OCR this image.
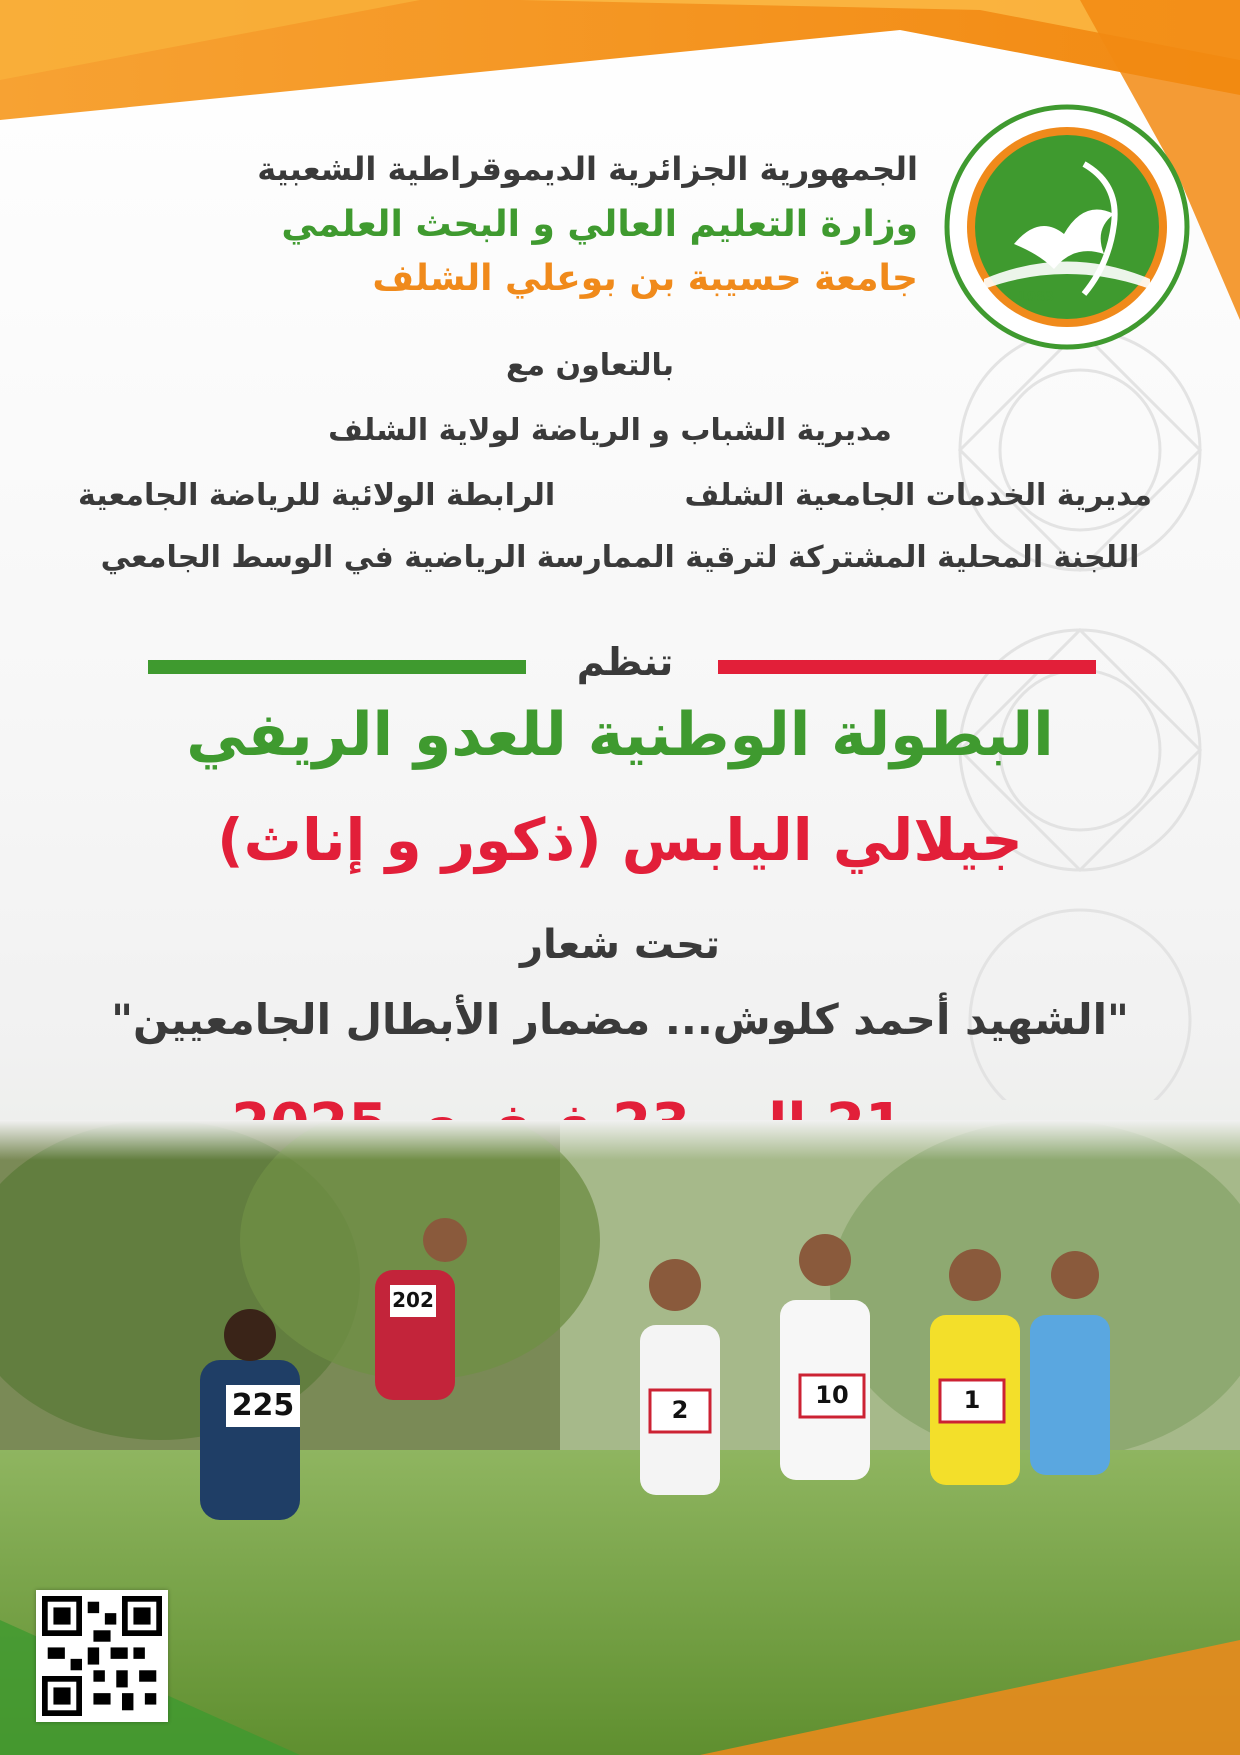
1983
الجمهورية الجزائرية الديموقراطية الشعبية
وزارة التعليم العالي و البحث العلمي
جامعة حسيبة بن بوعلي الشلف
بالتعاون مع
مديرية الشباب و الرياضة لولاية الشلف
مديرية الخدمات الجامعية الشلف
الرابطة الولائية للرياضة الجامعية
اللجنة المحلية المشتركة لترقية الممارسة الرياضية في الوسط الجامعي
تنظم
البطولة الوطنية للعدو الريفي
جيلالي اليابس (ذكور و إناث)
تحت شعار
"الشهيد أحمد كلوش... مضمار الأبطال الجامعيين"
225
202
2
10	1
